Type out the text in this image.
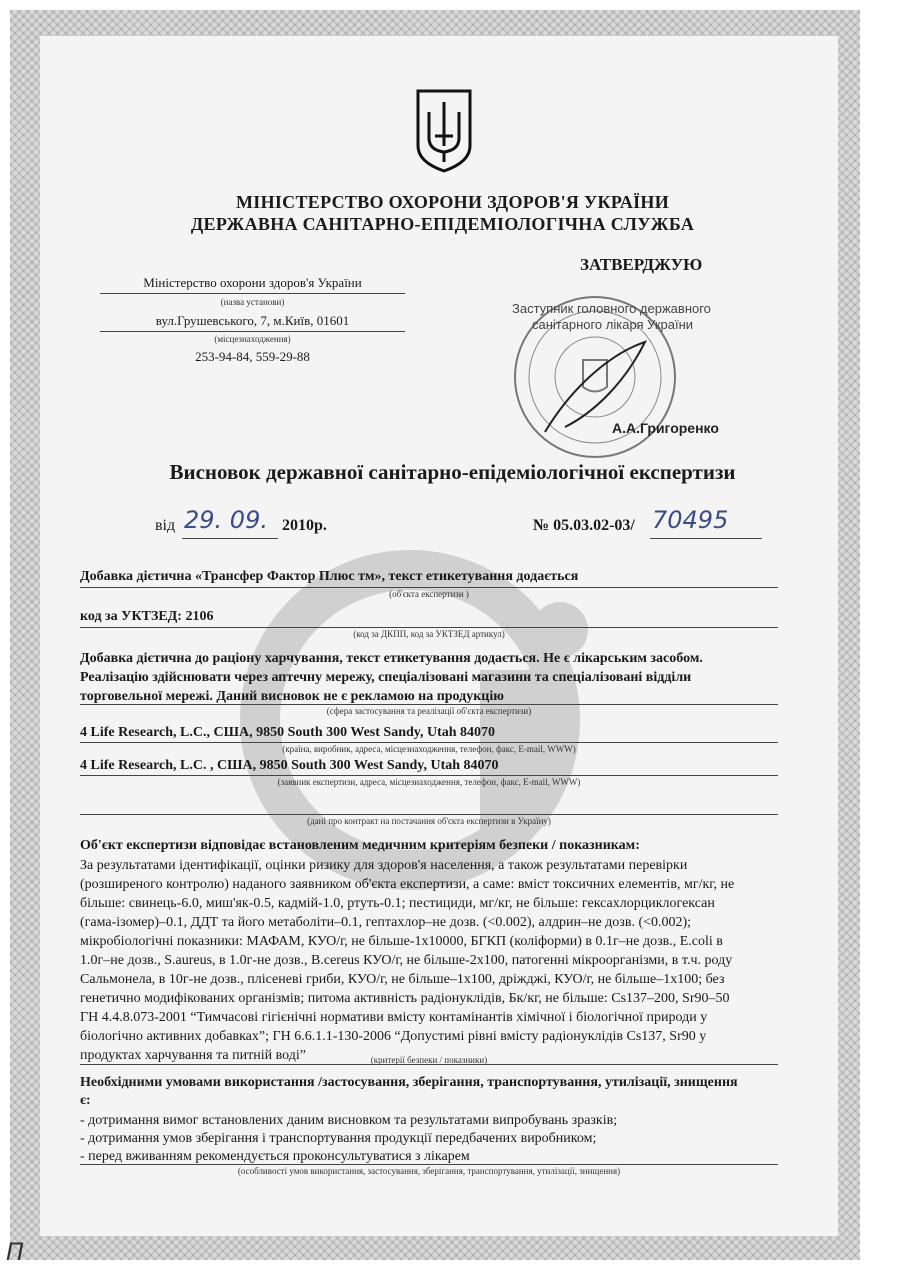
МІНІСТЕРСТВО ОХОРОНИ ЗДОРОВ'Я УКРАЇНИ
ДЕРЖАВНА САНІТАРНО-ЕПІДЕМІОЛОГІЧНА СЛУЖБА
Міністерство охорони здоров'я України
(назва установи)
вул.Грушевського, 7, м.Київ, 01601
(місцезнаходження)
253-94-84, 559-29-88
ЗАТВЕРДЖУЮ
Заступник головного державного
санітарного лікаря України
А.А.Григоренко
Висновок державної санітарно-епідеміологічної експертизи
від 29. 09. 2010р.	№ 05.03.02-03/ 70495
Добавка дієтична «Трансфер Фактор Плюс тм», текст етикетування додається
(об'єкта експертизи )
код за УКТЗЕД: 2106
(код за ДКПП, код за УКТЗЕД артикул)
Добавка дієтична до раціону харчування, текст етикетування додається. Не є лікарським засобом.
Реалізацію здійснювати через аптечну мережу, спеціалізовані магазини та спеціалізовані відділи
торговельної мережі. Даний висновок не є рекламою на продукцію
(сфера застосування та реалізації об'єкта експертизи)
4 Life Research, L.C., США, 9850 South 300 West Sandy, Utah 84070
(країна, виробник, адреса, місцезнаходження, телефон, факс, E-mail, WWW)
4 Life Research, L.C. , США, 9850 South 300 West Sandy, Utah 84070
(заявник експертизи, адреса, місцезнаходження, телефон, факс, E-mail, WWW)
(дані про контракт на постачання об'єкта експертизи в Україну)
Об'єкт експертизи відповідає встановленим медичним критеріям безпеки / показникам:
За результатами ідентифікації, оцінки ризику для здоров'я населення, а також результатами перевірки
(розширеного контролю) наданого заявником об'єкта експертизи, а саме: вміст токсичних елементів, мг/кг, не
більше: свинець-6.0, миш'як-0.5, кадмій-1.0, ртуть-0.1; пестициди, мг/кг, не більше: гексахлорциклогексан
(гама-ізомер)–0.1, ДДТ та його метаболіти–0.1, гептахлор–не дозв. (<0.002), алдрин–не дозв. (<0.002);
мікробіологічні показники: МАФАМ, КУО/г, не більше-1х10000, БГКП (коліформи) в 0.1г–не дозв., E.coli в
1.0г–не дозв., S.aureus, в 1.0г-не дозв., B.cereus КУО/г, не більше-2х100, патогенні мікроорганізми, в т.ч. роду
Сальмонела, в 10г-не дозв., плісеневі гриби, КУО/г, не більше–1х100, дріжджі, КУО/г, не більше–1х100; без
генетично модифікованих організмів; питома активність радіонуклідів, Бк/кг, не більше: Cs137–200, Sr90–50
ГН 4.4.8.073-2001 “Тимчасові гігієнічні нормативи вмісту контамінантів хімічної і біологічної природи у
біологічно активних добавках”; ГН 6.6.1.1-130-2006 “Допустимі рівні вмісту радіонуклідів Cs137, Sr90 у
продуктах харчування та питній воді”	(критерії безпеки / показники)
Необхідними умовами використання /застосування, зберігання, транспортування, утилізації, знищення
є:
- дотримання вимог встановлених даним висновком та результатами випробувань зразків;
- дотримання умов зберігання і транспортування продукції передбачених виробником;
- перед вживанням рекомендується проконсультуватися з лікарем
(особливості умов використання, застосування, зберігання, транспортування, утилізації, знищення)
П
